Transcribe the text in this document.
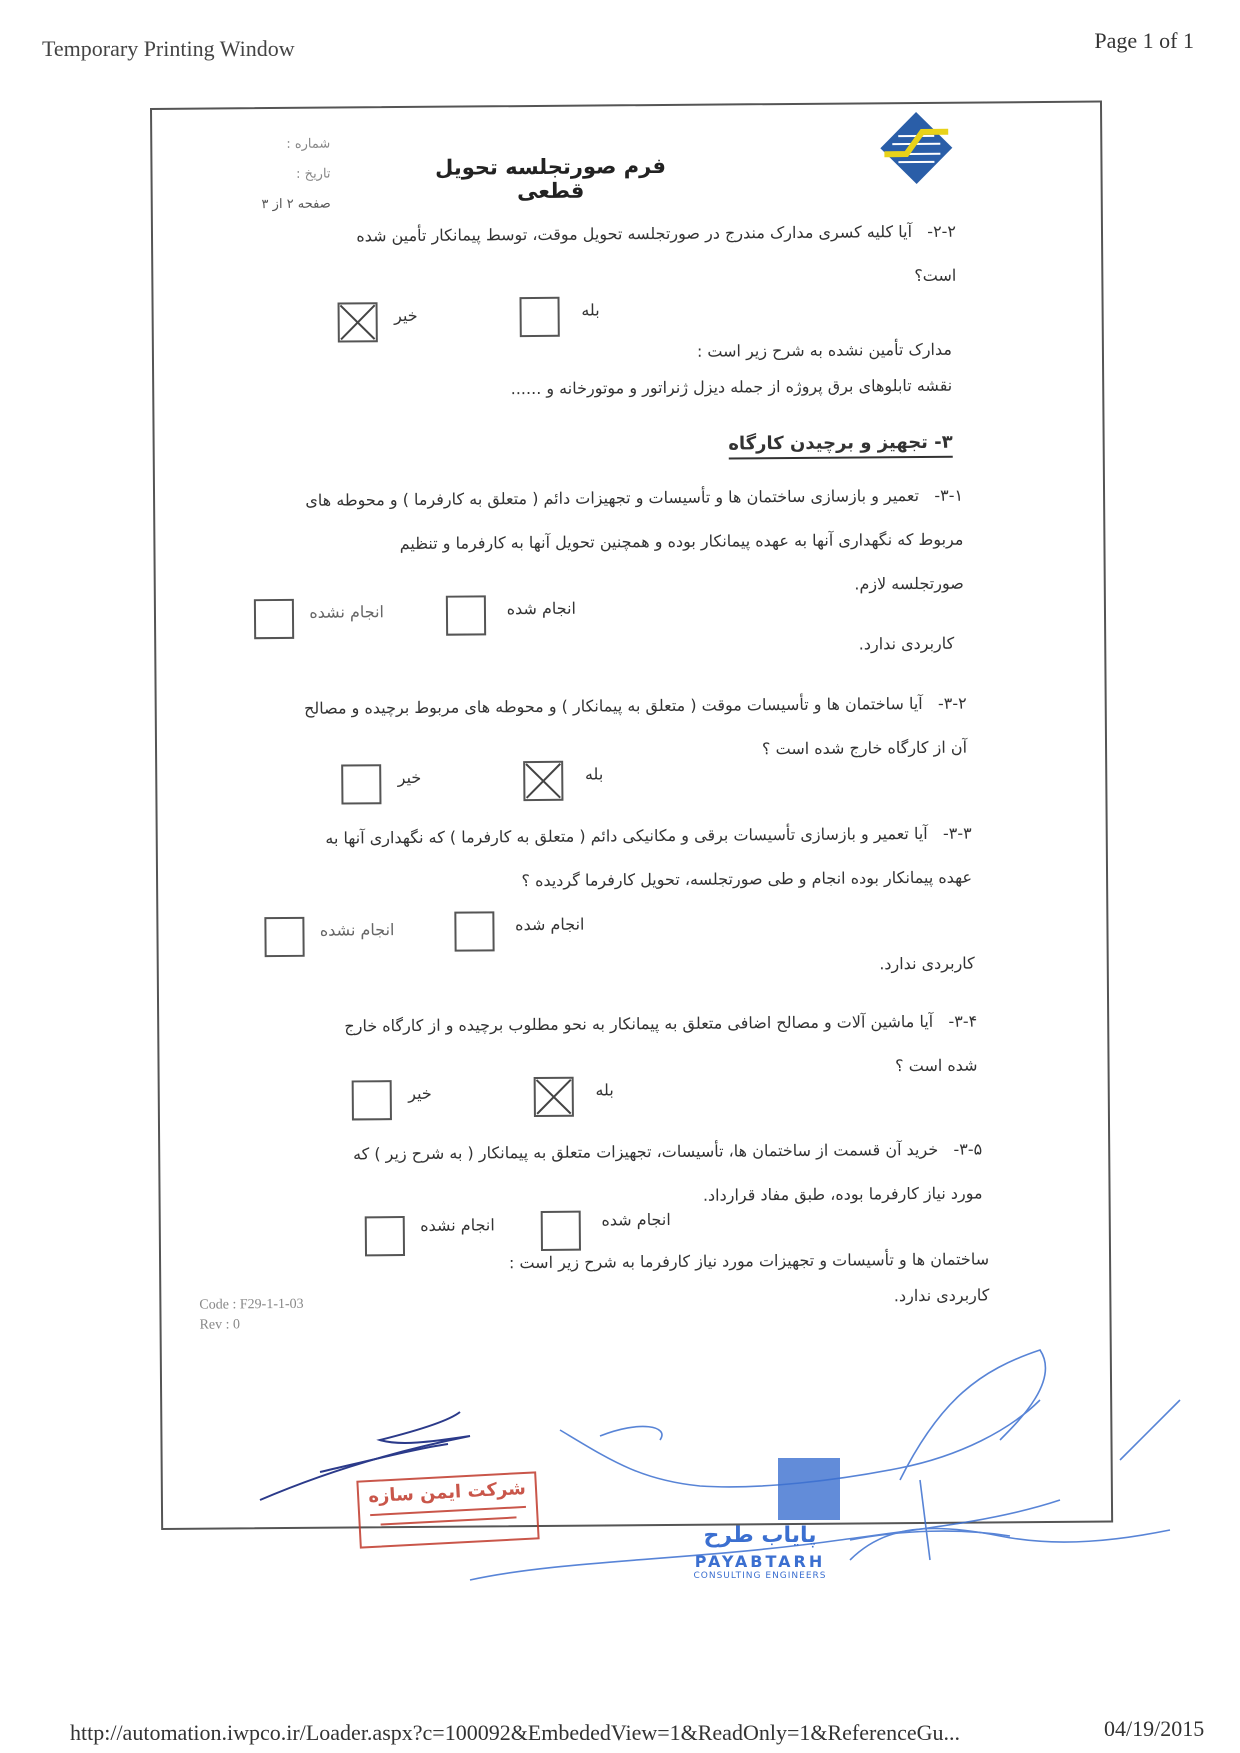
Temporary Printing Window	Page 1 of 1

شماره :
تاریخ :
صفحه ۲ از ۳
فرم صورتجلسه تحویل قطعی
۲-۲-   آیا کلیه کسری مدارک مندرج در صورتجلسه تحویل موقت، توسط پیمانکار تأمین شده
است؟
بله
خیر
مدارک تأمین نشده به شرح زیر است :
نقشه تابلوهای برق پروژه از جمله دیزل ژنراتور و موتورخانه و ......
۳- تجهیز و برچیدن کارگاه
۳-۱-   تعمیر و بازسازی ساختمان ها و تأسیسات و تجهیزات دائم ( متعلق به کارفرما ) و محوطه های
مربوط که نگهداری آنها به عهده پیمانکار بوده و همچنین تحویل آنها به کارفرما و تنظیم
صورتجلسه لازم.
انجام شده
انجام نشده
کاربردی ندارد.
۳-۲-   آیا ساختمان ها و تأسیسات موقت ( متعلق به پیمانکار ) و محوطه های مربوط برچیده و مصالح
آن از کارگاه خارج شده است ؟
بله
خیر
۳-۳-   آیا تعمیر و بازسازی تأسیسات برقی و مکانیکی دائم ( متعلق به کارفرما ) که نگهداری آنها به
عهده پیمانکار بوده انجام و طی صورتجلسه، تحویل کارفرما گردیده ؟
انجام شده
انجام نشده
کاربردی ندارد.
۳-۴-   آیا ماشین آلات و مصالح اضافی متعلق به پیمانکار به نحو مطلوب برچیده و از کارگاه خارج
شده است ؟
بله
خیر
۳-۵-   خرید آن قسمت از ساختمان ها، تأسیسات، تجهیزات متعلق به پیمانکار ( به شرح زیر ) که
مورد نیاز کارفرما بوده، طبق مفاد قرارداد.
انجام شده
انجام نشده
ساختمان ها و تأسیسات و تجهیزات مورد نیاز کارفرما به شرح زیر است :
کاربردی ندارد.
Code : F29-1-1-03
Rev : 0
شرکت ایمن سازه
پایاب طرح
PAYABTARH
CONSULTING ENGINEERS
http://automation.iwpco.ir/Loader.aspx?c=100092&EmbededView=1&ReadOnly=1&ReferenceGu...	04/19/2015
